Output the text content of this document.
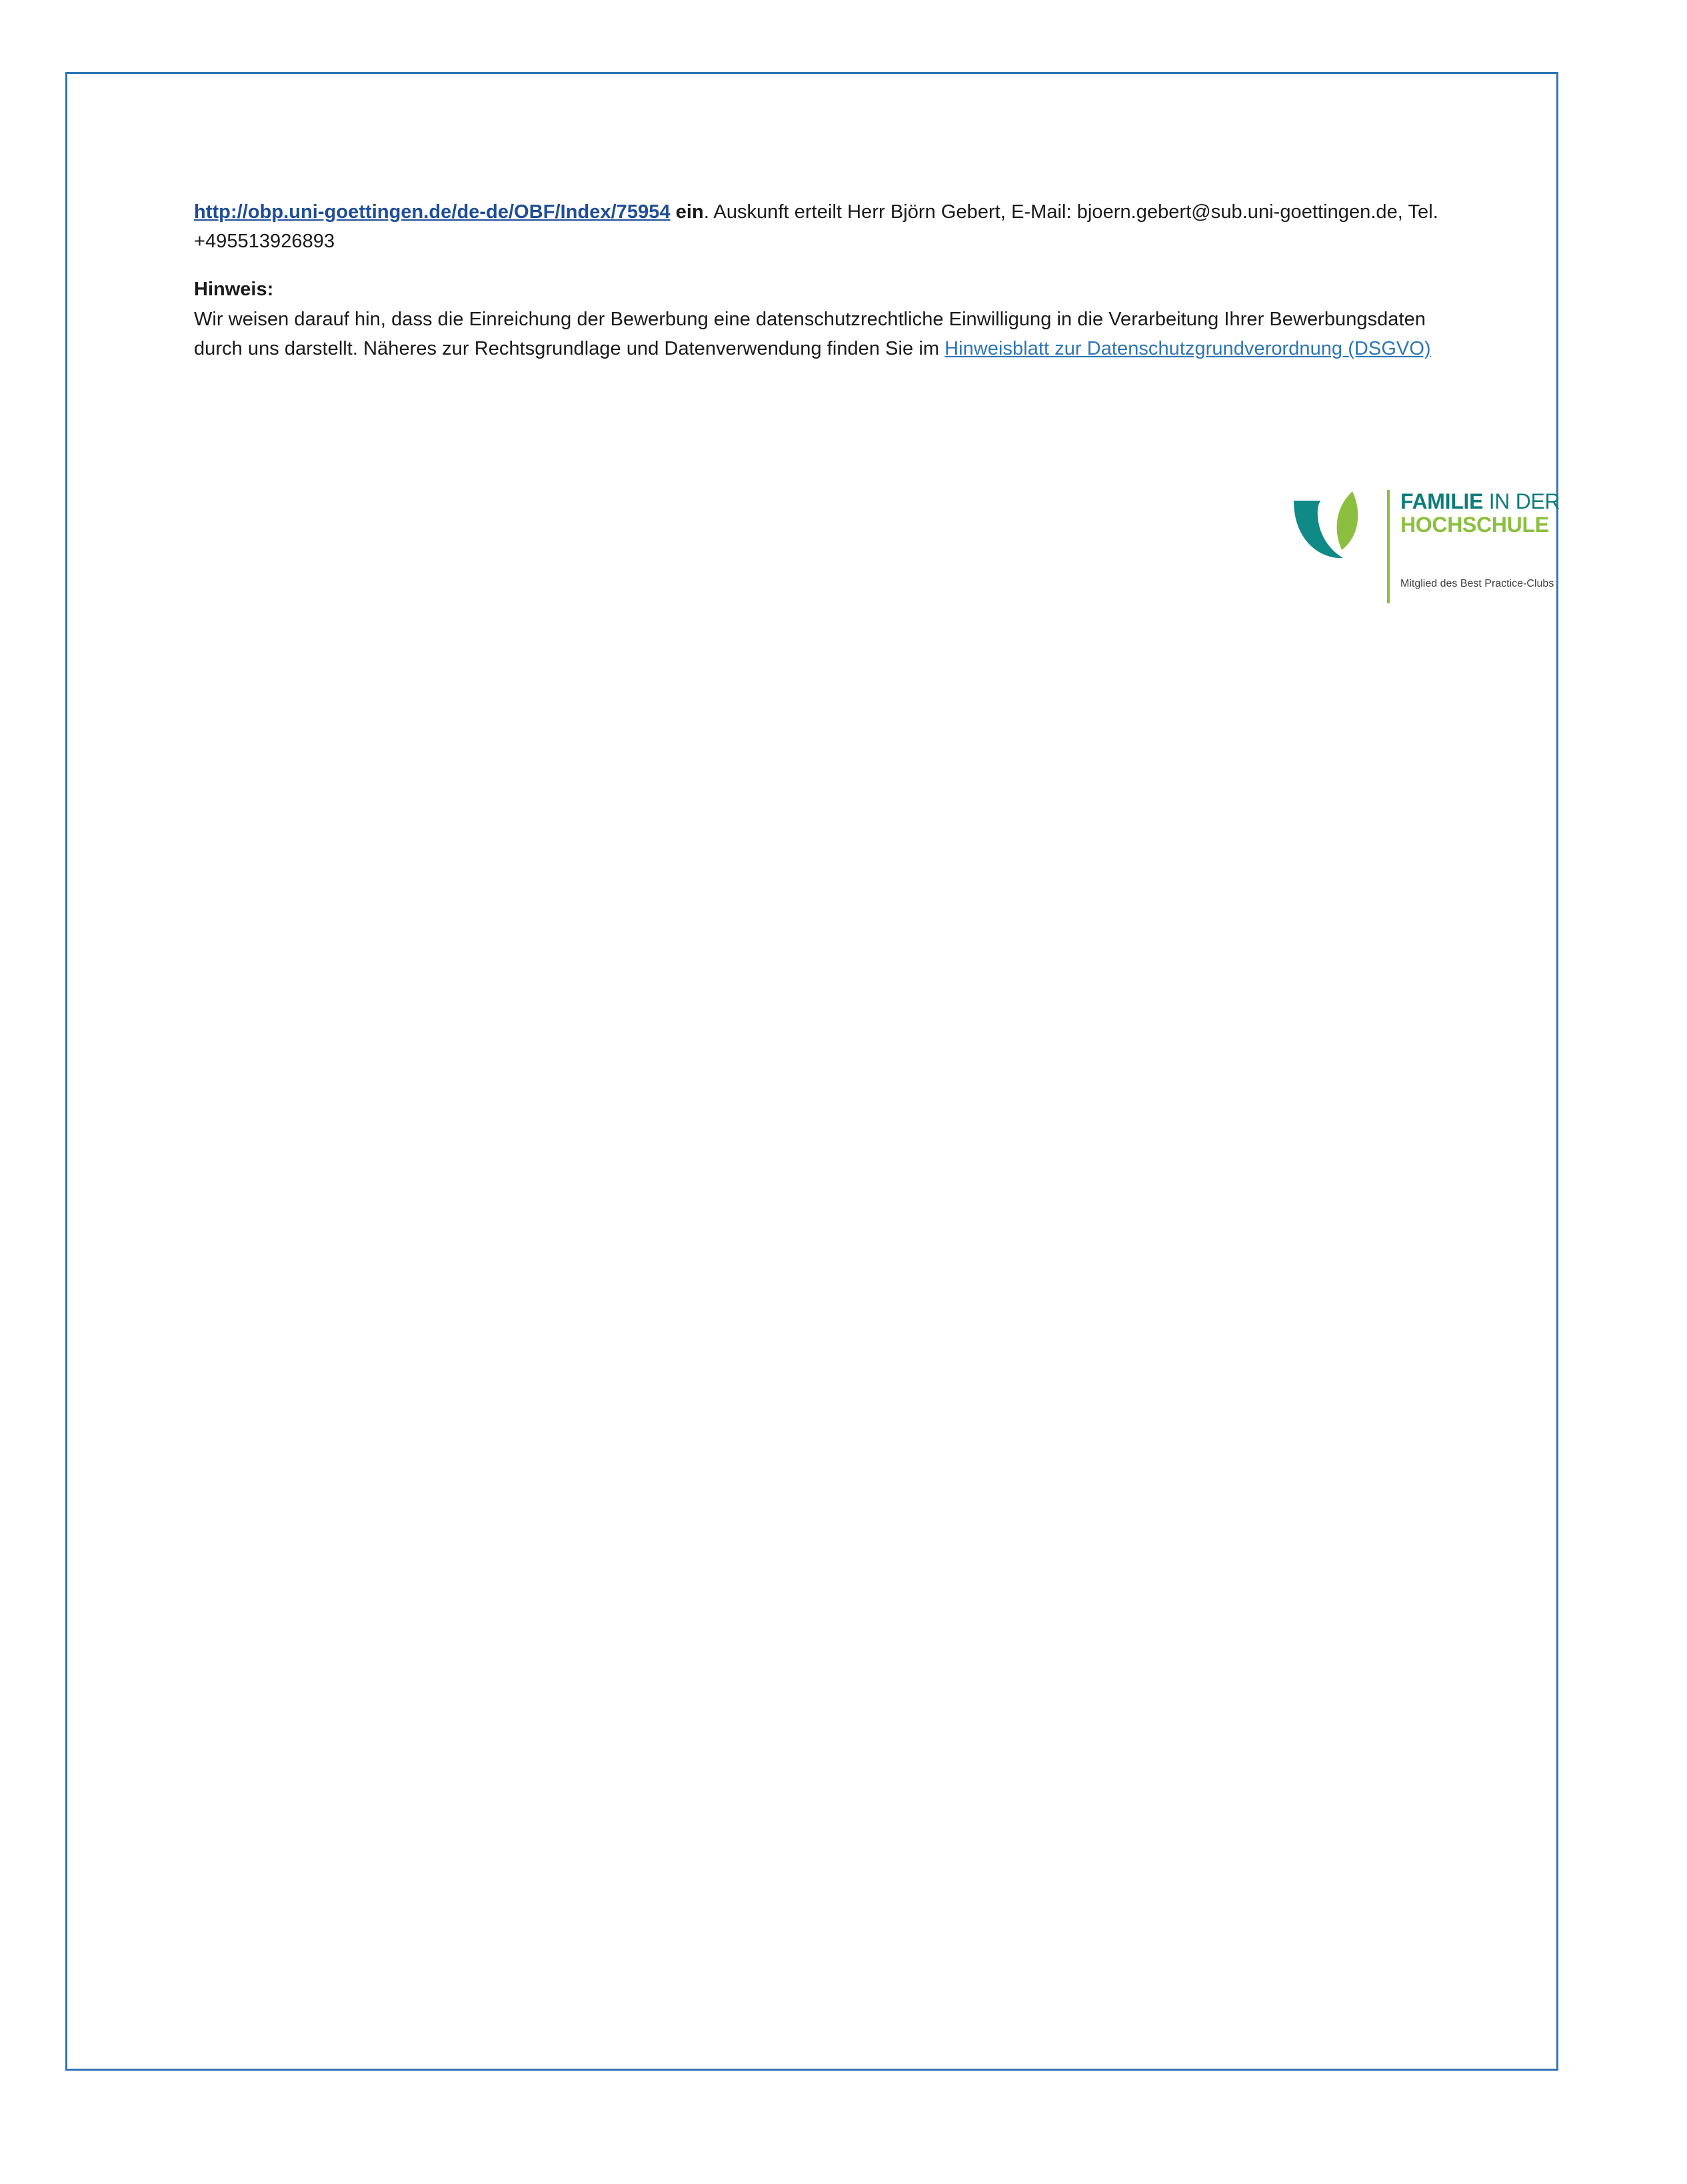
http://obp.uni-goettingen.de/de-de/OBF/Index/75954 ein. Auskunft erteilt Herr Björn Gebert, E-Mail: bjoern.gebert@sub.uni-goettingen.de, Tel. +495513926893

Hinweis:

Wir weisen darauf hin, dass die Einreichung der Bewerbung eine datenschutzrechtliche Einwilligung in die Verarbeitung Ihrer Bewerbungsdaten durch uns darstellt. Näheres zur Rechtsgrundlage und Datenverwendung finden Sie im Hinweisblatt zur Datenschutzgrundverordnung (DSGVO)

FAMILIE IN DER
HOCHSCHULE
Mitglied des Best Practice-Clubs
